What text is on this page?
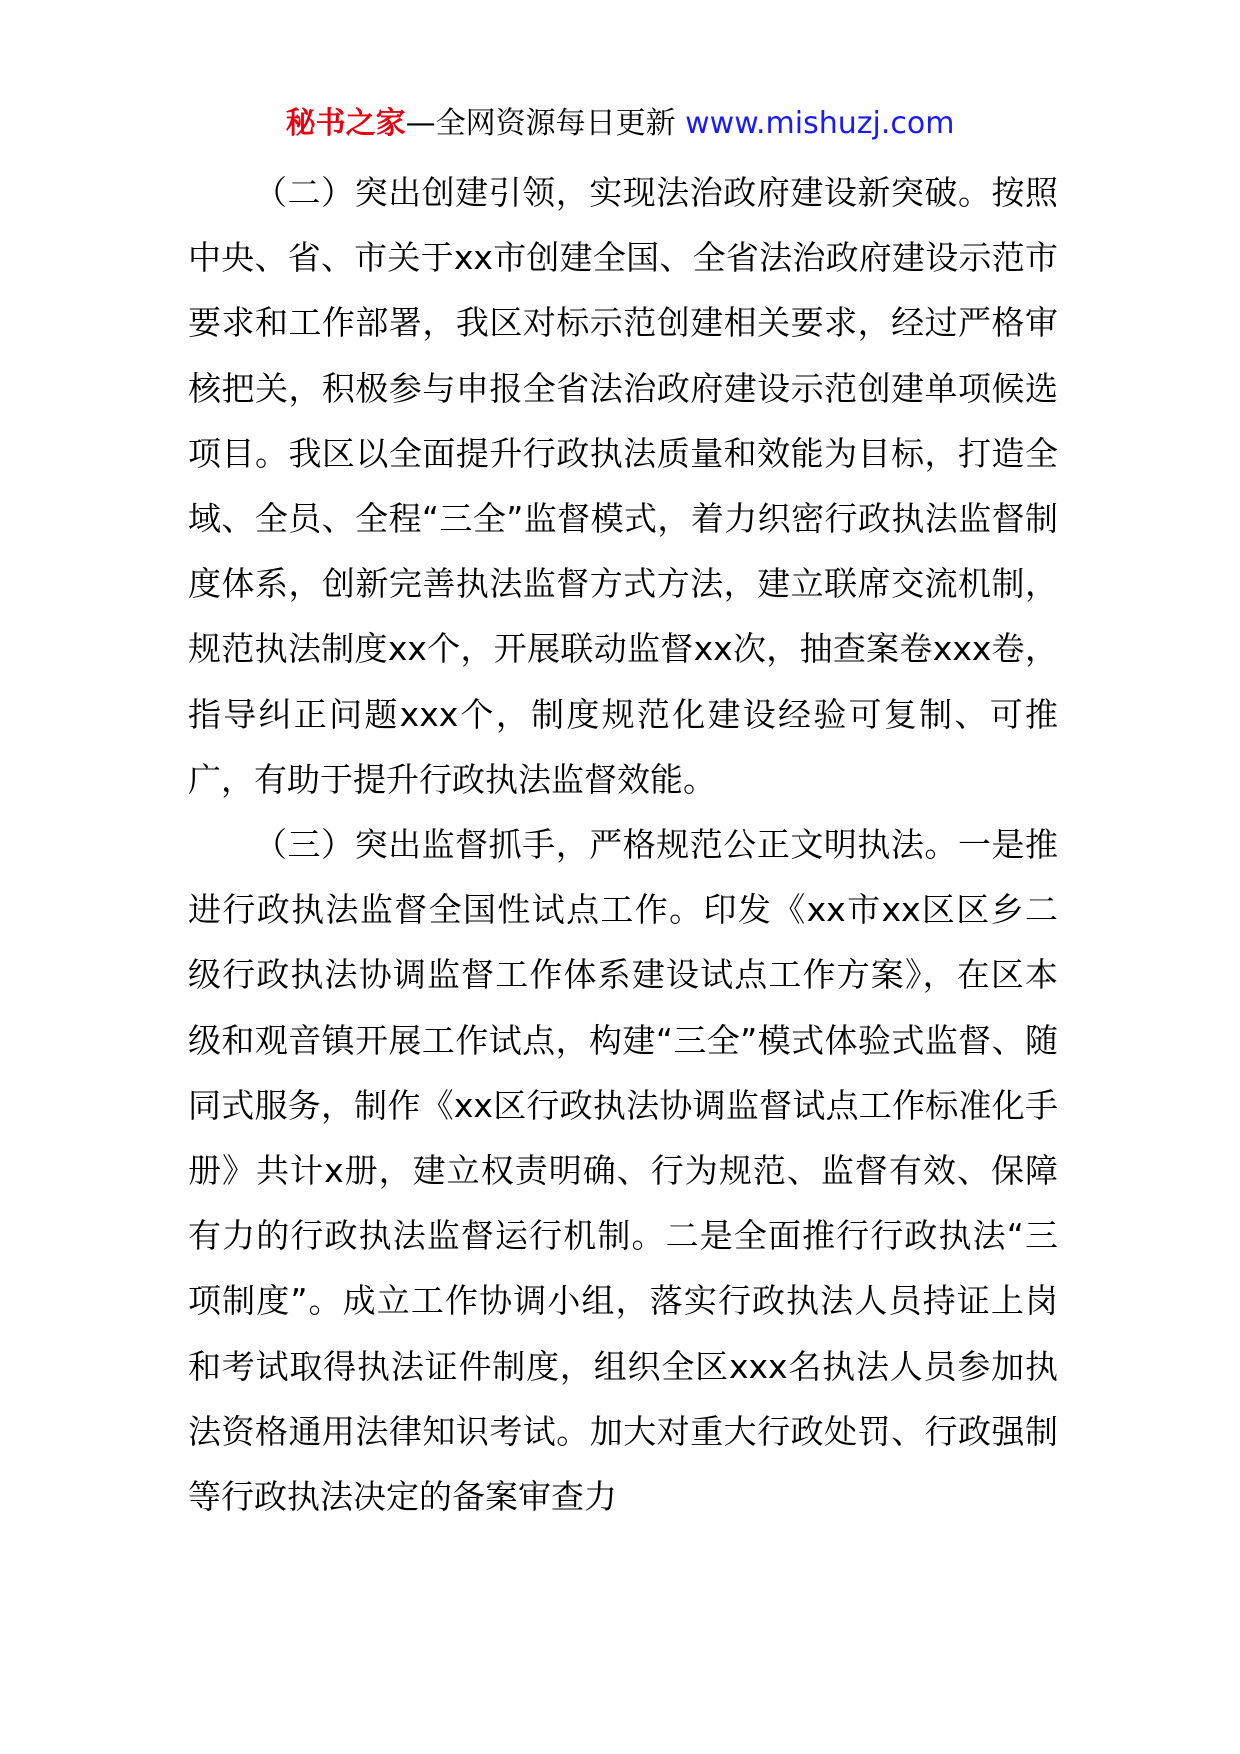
秘书之家—全网资源每日更新 www.mishuzj.com

（二）突出创建引领，实现法治政府建设新突破。按照中央、省、市关于xx市创建全国、全省法治政府建设示范市要求和工作部署，我区对标示范创建相关要求，经过严格审核把关，积极参与申报全省法治政府建设示范创建单项候选项目。我区以全面提升行政执法质量和效能为目标，打造全域、全员、全程“三全”监督模式，着力织密行政执法监督制度体系，创新完善执法监督方式方法，建立联席交流机制，规范执法制度xx个，开展联动监督xx次，抽查案卷xxx卷，指导纠正问题xxx个，制度规范化建设经验可复制、可推广，有助于提升行政执法监督效能。

（三）突出监督抓手，严格规范公正文明执法。一是推进行政执法监督全国性试点工作。印发《xx市xx区区乡二级行政执法协调监督工作体系建设试点工作方案》，在区本级和观音镇开展工作试点，构建“三全”模式体验式监督、随同式服务，制作《xx区行政执法协调监督试点工作标准化手册》共计x册，建立权责明确、行为规范、监督有效、保障有力的行政执法监督运行机制。二是全面推行行政执法“三项制度”。成立工作协调小组，落实行政执法人员持证上岗和考试取得执法证件制度，组织全区xxx名执法人员参加执法资格通用法律知识考试。加大对重大行政处罚、行政强制等行政执法决定的备案审查力
